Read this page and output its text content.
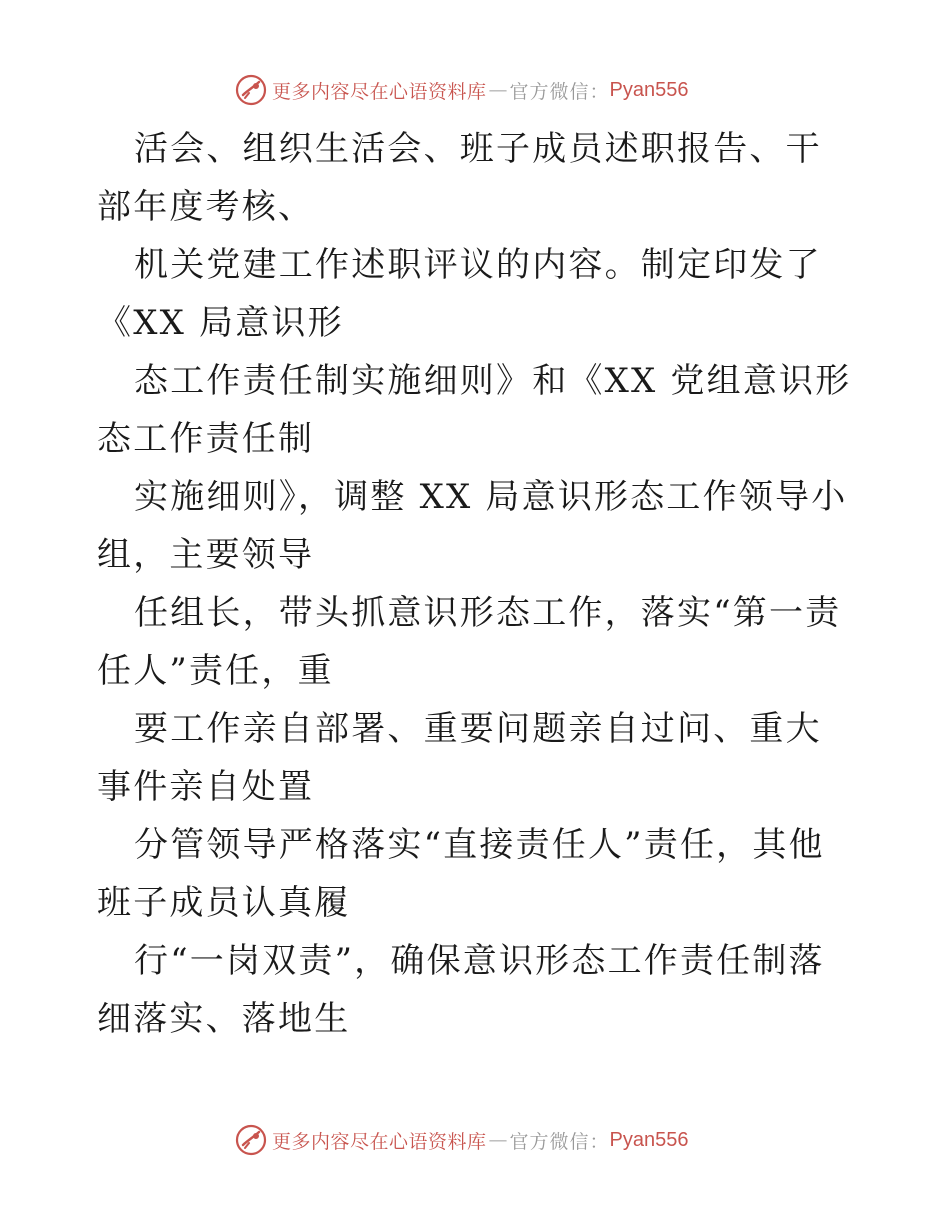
更多内容尽在心语资料库 — 官方微信： Pyan556

活会、组织生活会、班子成员述职报告、干部年度考核、

机关党建工作述职评议的内容。制定印发了《XX 局意识形

态工作责任制实施细则》和《XX 党组意识形态工作责任制

实施细则》，调整 XX 局意识形态工作领导小组，主要领导

任组长，带头抓意识形态工作，落实“第一责任人”责任，重

要工作亲自部署、重要问题亲自过问、重大事件亲自处置

分管领导严格落实“直接责任人”责任，其他班子成员认真履

行“一岗双责”，确保意识形态工作责任制落细落实、落地生

更多内容尽在心语资料库 — 官方微信： Pyan556
